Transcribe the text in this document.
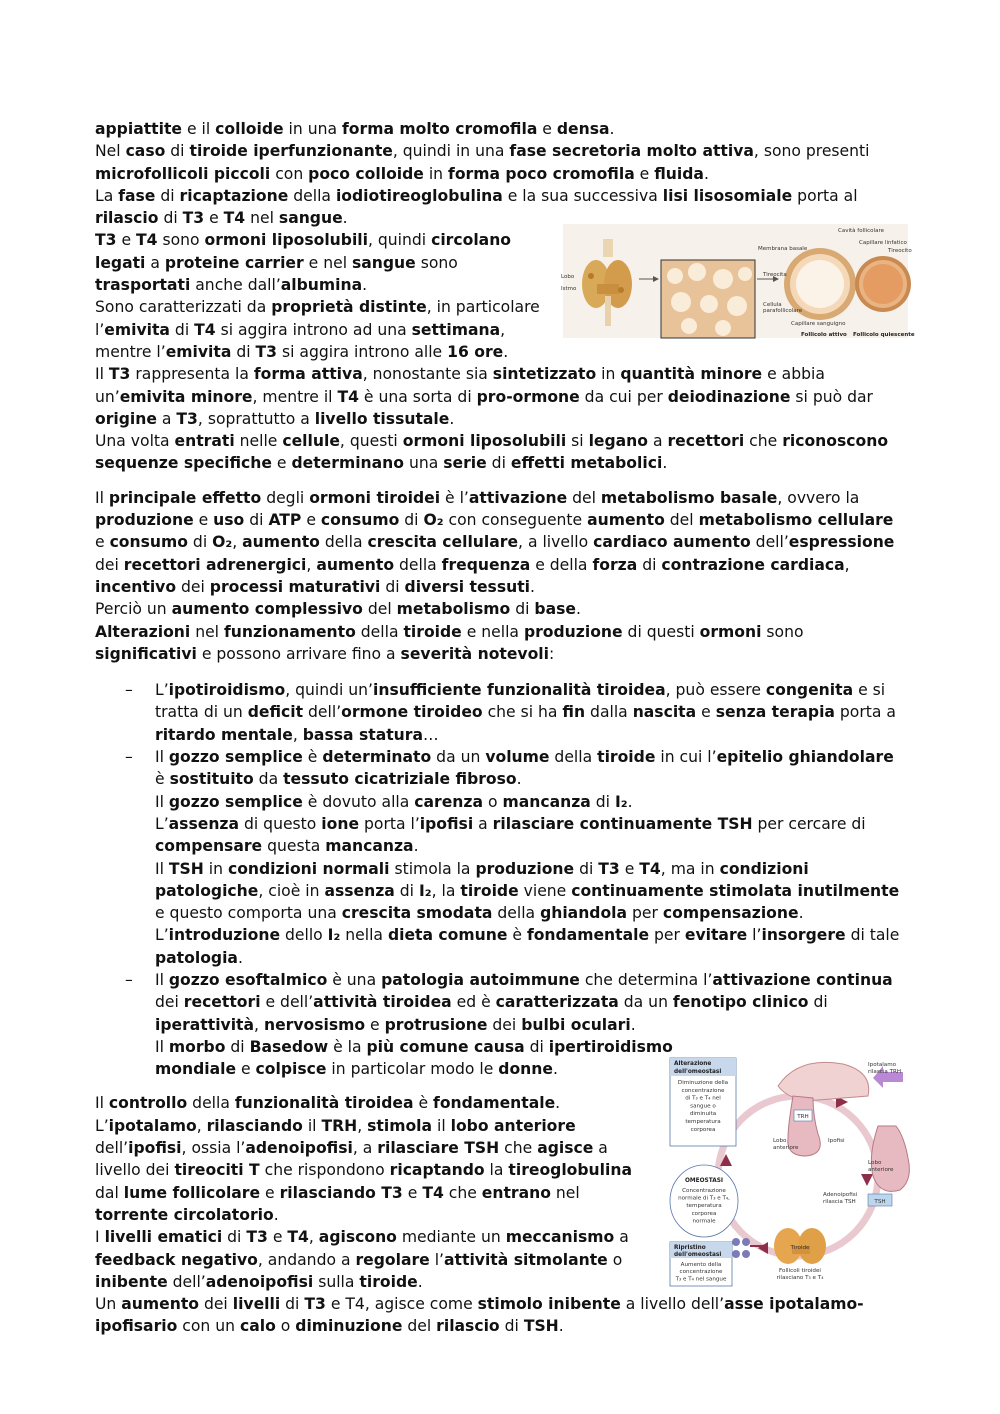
appiattite e il colloide in una forma molto cromofila e densa.

Nel caso di tiroide iperfunzionante, quindi in una fase secretoria molto attiva, sono presenti microfollicoli piccoli con poco colloide in forma poco cromofila e fluida.

La fase di ricaptazione della iodiotireoglobulina e la sua successiva lisi lisosomiale porta al rilascio di T3 e T4 nel sangue.

T3 e T4 sono ormoni liposolubili, quindi circolano legati a proteine carrier e nel sangue sono trasportati anche dall’albumina.

Sono caratterizzati da proprietà distinte, in particolare l’emivita di T4 si aggira introno ad una settimana, mentre l’emivita di T3 si aggira introno alle 16 ore.

Il T3 rappresenta la forma attiva, nonostante sia sintetizzato in quantità minore e abbia un’emivita minore, mentre il T4 è una sorta di pro-ormone da cui per deiodinazione si può dar origine a T3, soprattutto a livello tissutale.

Una volta entrati nelle cellule, questi ormoni liposolubili si legano a recettori che riconoscono sequenze specifiche e determinano una serie di effetti metabolici.

Il principale effetto degli ormoni tiroidei è l’attivazione del metabolismo basale, ovvero la produzione e uso di ATP e consumo di O₂ con conseguente aumento del metabolismo cellulare e consumo di O₂, aumento della crescita cellulare, a livello cardiaco aumento dell’espressione dei recettori adrenergici, aumento della frequenza e della forza di contrazione cardiaca, incentivo dei processi maturativi di diversi tessuti.

Perciò un aumento complessivo del metabolismo di base.

Alterazioni nel funzionamento della tiroide e nella produzione di questi ormoni sono significativi e possono arrivare fino a severità notevoli:

– L’ipotiroidismo, quindi un’insufficiente funzionalità tiroidea, può essere congenita e si tratta di un deficit dell’ormone tiroideo che si ha fin dalla nascita e senza terapia porta a ritardo mentale, bassa statura…

– Il gozzo semplice è determinato da un volume della tiroide in cui l’epitelio ghiandolare è sostituito da tessuto cicatriziale fibroso.

Il gozzo semplice è dovuto alla carenza o mancanza di I₂.

L’assenza di questo ione porta l’ipofisi a rilasciare continuamente TSH per cercare di compensare questa mancanza.

Il TSH in condizioni normali stimola la produzione di T3 e T4, ma in condizioni patologiche, cioè in assenza di I₂, la tiroide viene continuamente stimolata inutilmente e questo comporta una crescita smodata della ghiandola per compensazione.

L’introduzione dello I₂ nella dieta comune è fondamentale per evitare l’insorgere di tale patologia.

– Il gozzo esoftalmico è una patologia autoimmune che determina l’attivazione continua dei recettori e dell’attività tiroidea ed è caratterizzata da un fenotipo clinico di iperattività, nervosismo e protrusione dei bulbi oculari.

Il morbo di Basedow è la più comune causa di ipertiroidismo mondiale e colpisce in particolar modo le donne.

Il controllo della funzionalità tiroidea è fondamentale.

L’ipotalamo, rilasciando il TRH, stimola il lobo anteriore dell’ipofisi, ossia l’adenoipofisi, a rilasciare TSH che agisce a livello dei tireociti T che rispondono ricaptando la tireoglobulina dal lume follicolare e rilasciando T3 e T4 che entrano nel torrente circolatorio.

I livelli ematici di T3 e T4, agiscono mediante un meccanismo a feedback negativo, andando a regolare l’attività sitmolante o inibente dell’adenoipofisi sulla tiroide.

Un aumento dei livelli di T3 e T4, agisce come stimolo inibente a livello dell’asse ipotalamo-ipofisario con un calo o diminuzione del rilascio di TSH.

Lobo
Istmo
Cavità follicolare
Membrana basale
Capillare linfatico
Tireocito
Tireocita
Cellula
parafollicolare
Capillare sanguigno
Follicolo attivo Follicolo quiescente
Alterazione
dell'omeostasi
Diminuzione della
concentrazione
di T₃ e T₄ nel
sangue o
diminuita
temperatura
corporea
OMEOSTASI
Concentrazione
normale di T₃ e T₄,
temperatura
corporea
normale
Ripristino
dell'omeostasi
Aumento della
concentrazione
T₃ e T₄ nel sangue
Ipotalamo
rilascia TRH
TRH
Lobo
anteriore
Ipofisi
Lobo
anteriore
Adenoipofisi
rilascia TSH	TSH
Tiroide
Follicoli tiroidei
rilasciano T₃ e T₄
